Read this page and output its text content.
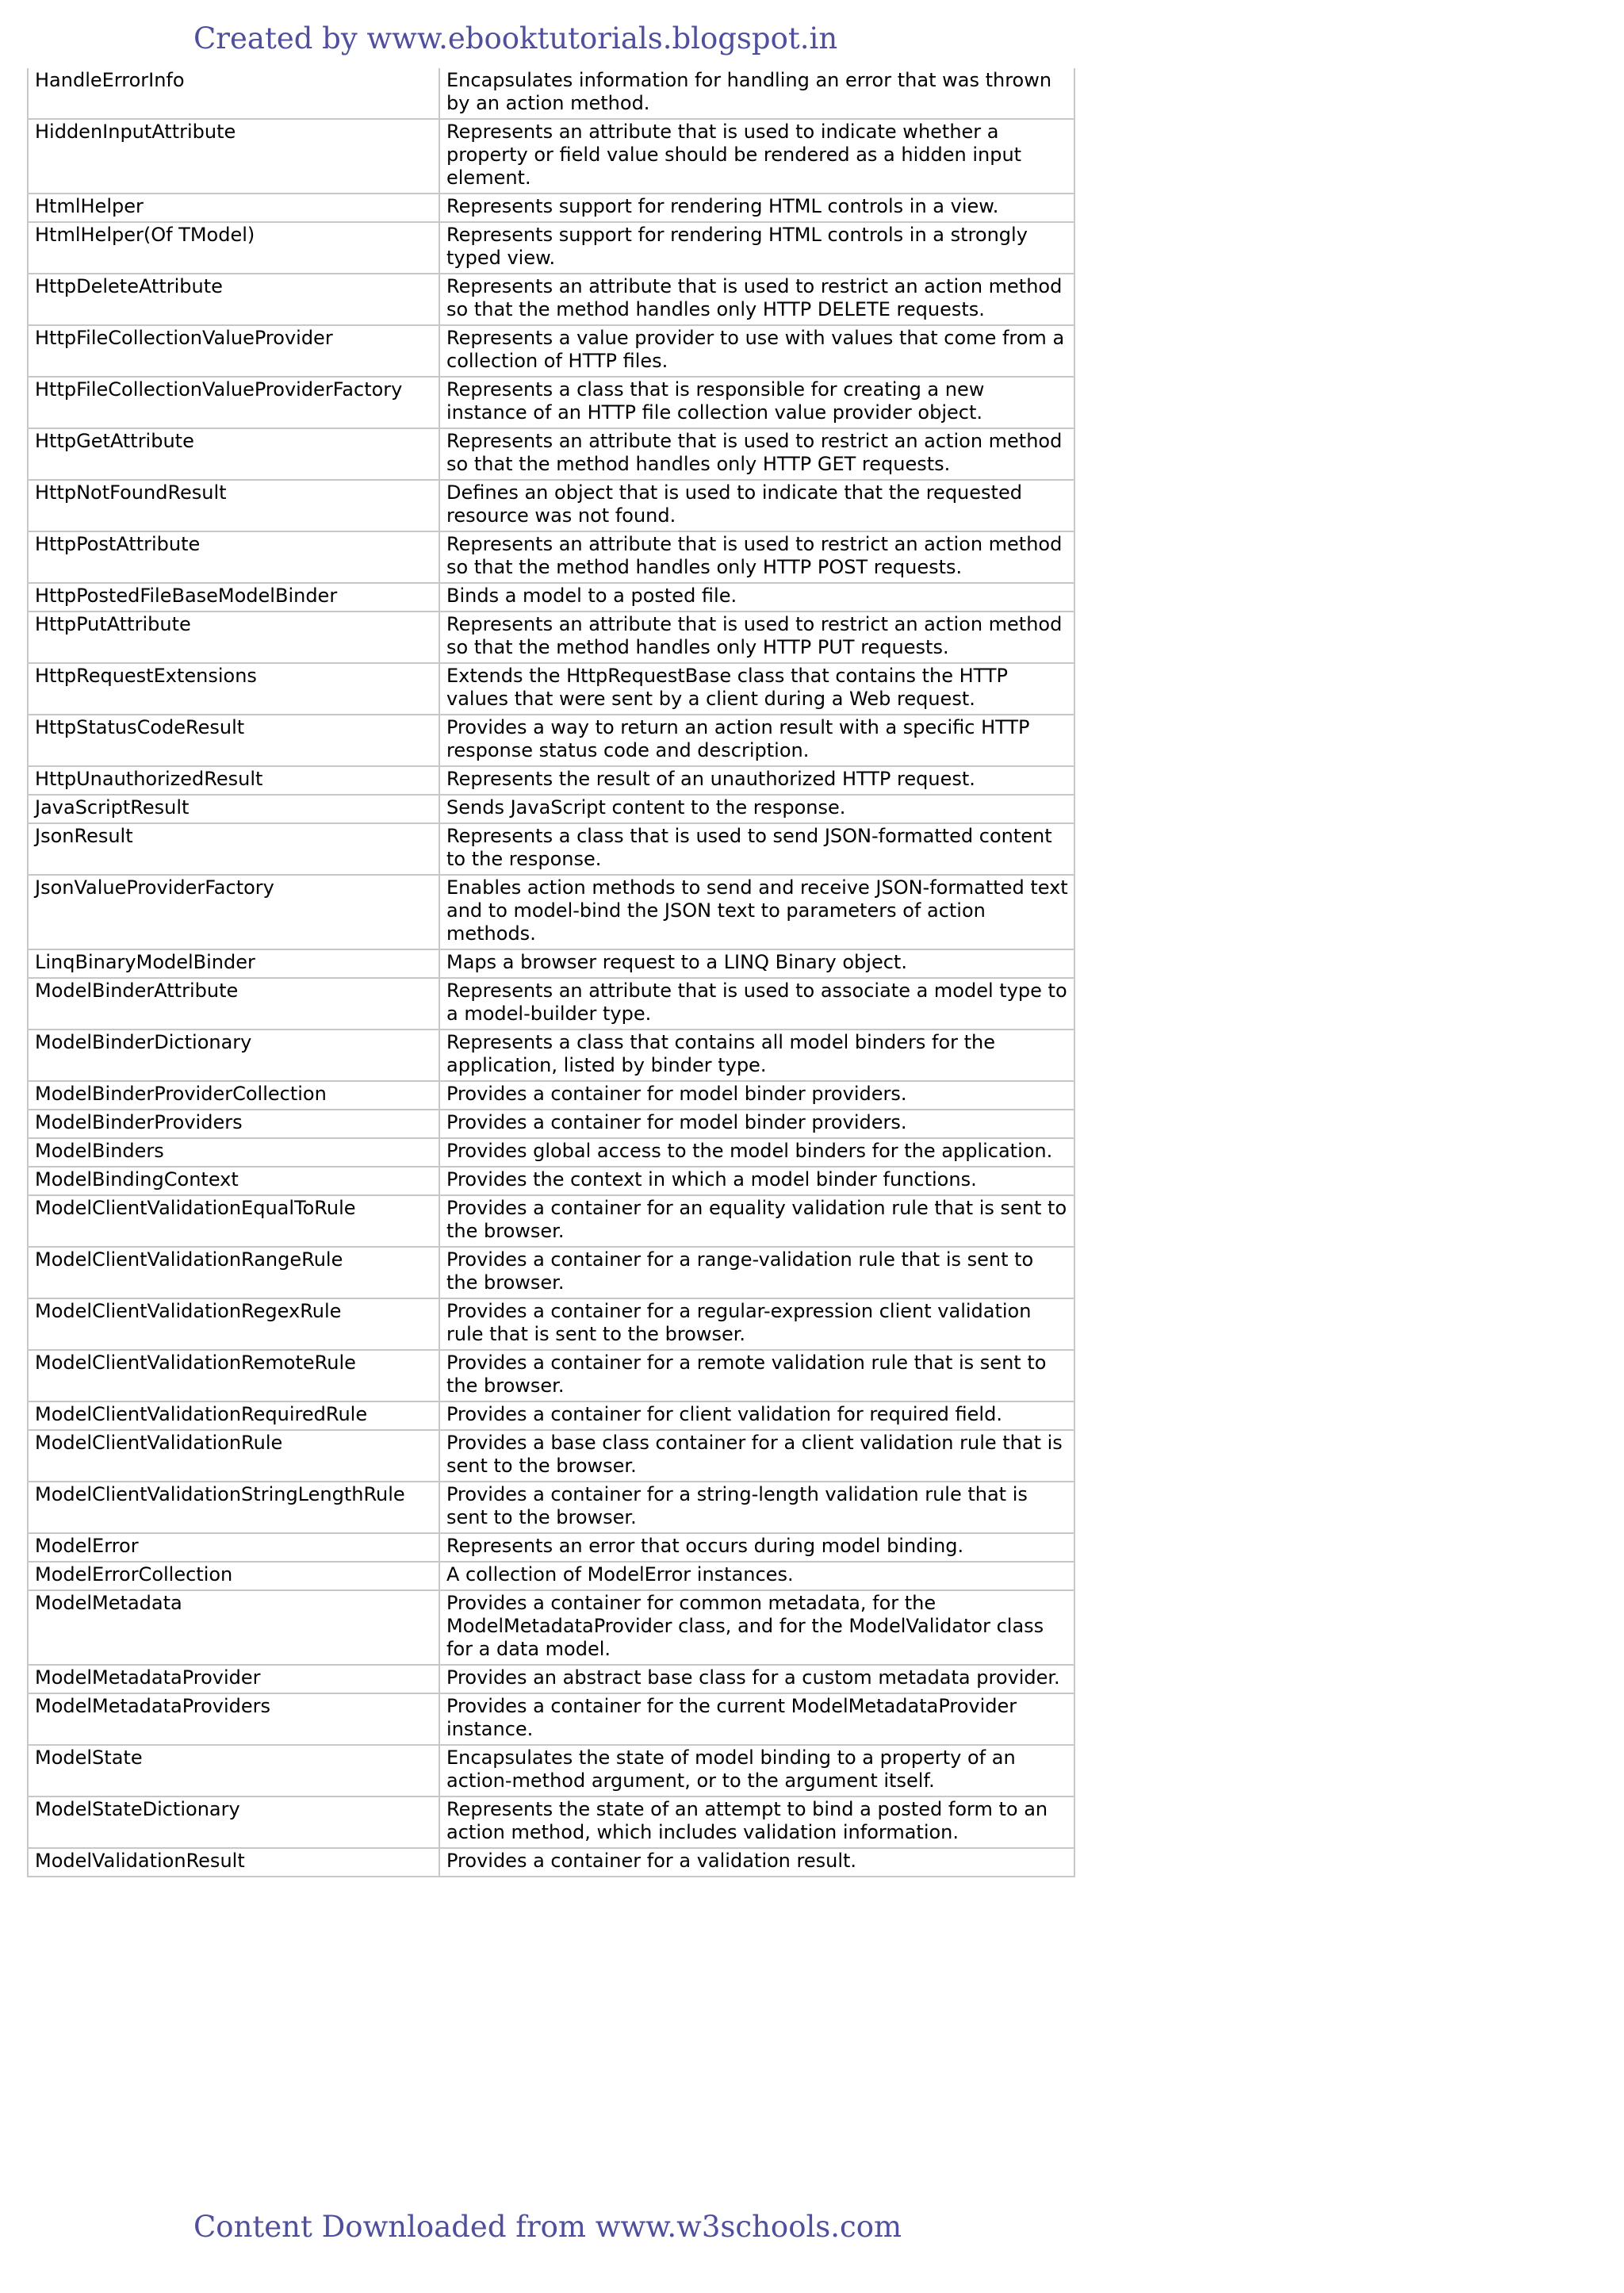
Created by www.ebooktutorials.blogspot.in
HandleErrorInfo	Encapsulates information for handling an error that was thrown by an action method.
HiddenInputAttribute	Represents an attribute that is used to indicate whether a property or field value should be rendered as a hidden input element.
HtmlHelper	Represents support for rendering HTML controls in a view.
HtmlHelper(Of TModel)	Represents support for rendering HTML controls in a strongly typed view.
HttpDeleteAttribute	Represents an attribute that is used to restrict an action method so that the method handles only HTTP DELETE requests.
HttpFileCollectionValueProvider	Represents a value provider to use with values that come from a collection of HTTP files.
HttpFileCollectionValueProviderFactory	Represents a class that is responsible for creating a new instance of an HTTP file collection value provider object.
HttpGetAttribute	Represents an attribute that is used to restrict an action method so that the method handles only HTTP GET requests.
HttpNotFoundResult	Defines an object that is used to indicate that the requested resource was not found.
HttpPostAttribute	Represents an attribute that is used to restrict an action method so that the method handles only HTTP POST requests.
HttpPostedFileBaseModelBinder	Binds a model to a posted file.
HttpPutAttribute	Represents an attribute that is used to restrict an action method so that the method handles only HTTP PUT requests.
HttpRequestExtensions	Extends the HttpRequestBase class that contains the HTTP values that were sent by a client during a Web request.
HttpStatusCodeResult	Provides a way to return an action result with a specific HTTP response status code and description.
HttpUnauthorizedResult	Represents the result of an unauthorized HTTP request.
JavaScriptResult	Sends JavaScript content to the response.
JsonResult	Represents a class that is used to send JSON-formatted content to the response.
JsonValueProviderFactory	Enables action methods to send and receive JSON-formatted text and to model-bind the JSON text to parameters of action methods.
LinqBinaryModelBinder	Maps a browser request to a LINQ Binary object.
ModelBinderAttribute	Represents an attribute that is used to associate a model type to a model-builder type.
ModelBinderDictionary	Represents a class that contains all model binders for the application, listed by binder type.
ModelBinderProviderCollection	Provides a container for model binder providers.
ModelBinderProviders	Provides a container for model binder providers.
ModelBinders	Provides global access to the model binders for the application.
ModelBindingContext	Provides the context in which a model binder functions.
ModelClientValidationEqualToRule	Provides a container for an equality validation rule that is sent to the browser.
ModelClientValidationRangeRule	Provides a container for a range-validation rule that is sent to the browser.
ModelClientValidationRegexRule	Provides a container for a regular-expression client validation rule that is sent to the browser.
ModelClientValidationRemoteRule	Provides a container for a remote validation rule that is sent to the browser.
ModelClientValidationRequiredRule	Provides a container for client validation for required field.
ModelClientValidationRule	Provides a base class container for a client validation rule that is sent to the browser.
ModelClientValidationStringLengthRule	Provides a container for a string-length validation rule that is sent to the browser.
ModelError	Represents an error that occurs during model binding.
ModelErrorCollection	A collection of ModelError instances.
ModelMetadata	Provides a container for common metadata, for the ModelMetadataProvider class, and for the ModelValidator class for a data model.
ModelMetadataProvider	Provides an abstract base class for a custom metadata provider.
ModelMetadataProviders	Provides a container for the current ModelMetadataProvider instance.
ModelState	Encapsulates the state of model binding to a property of an action-method argument, or to the argument itself.
ModelStateDictionary	Represents the state of an attempt to bind a posted form to an action method, which includes validation information.
ModelValidationResult	Provides a container for a validation result.
Content Downloaded from www.w3schools.com
